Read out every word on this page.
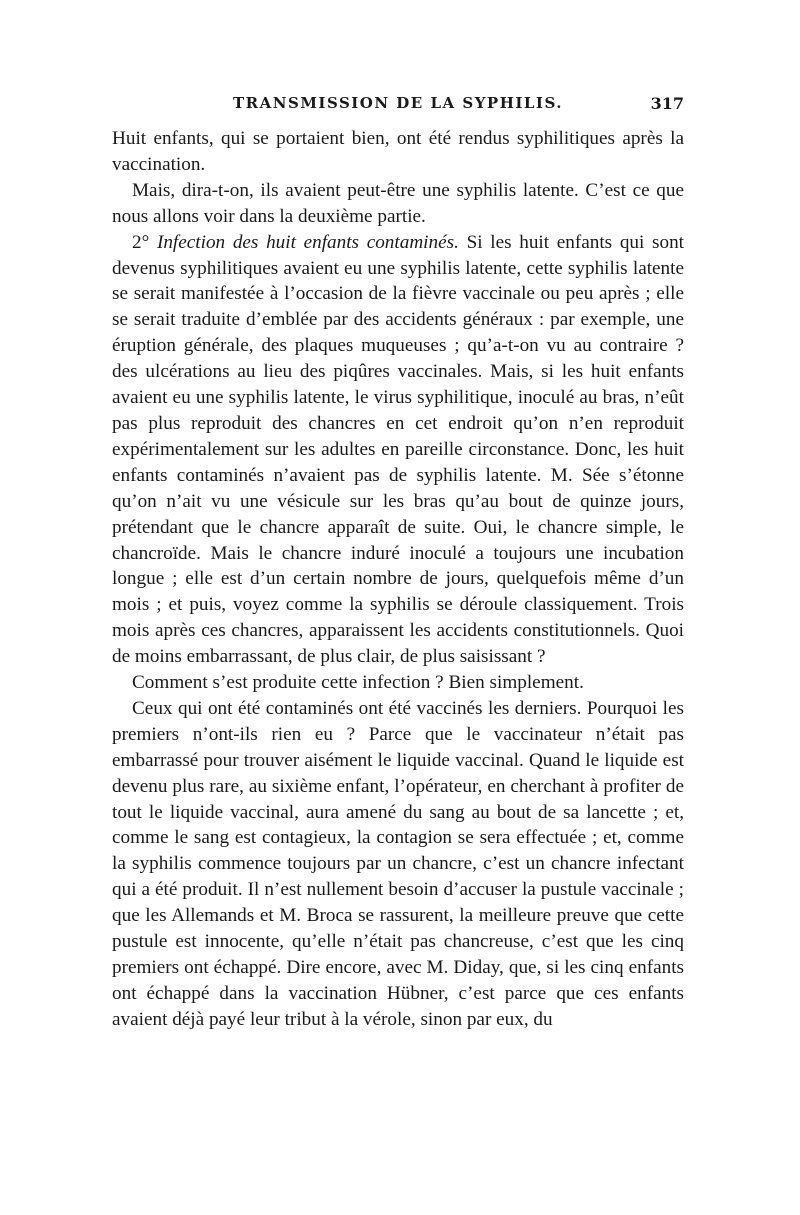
TRANSMISSION DE LA SYPHILIS.	317

Huit enfants, qui se portaient bien, ont été rendus syphilitiques après la vaccination.

Mais, dira-t-on, ils avaient peut-être une syphilis latente. C’est ce que nous allons voir dans la deuxième partie.

2° Infection des huit enfants contaminés. Si les huit enfants qui sont devenus syphilitiques avaient eu une syphilis latente, cette syphilis latente se serait manifestée à l’occasion de la fièvre vaccinale ou peu après ; elle se serait traduite d’emblée par des accidents généraux : par exemple, une éruption générale, des plaques muqueuses ; qu’a-t-on vu au contraire ? des ulcérations au lieu des piqûres vaccinales. Mais, si les huit enfants avaient eu une syphilis latente, le virus syphilitique, inoculé au bras, n’eût pas plus reproduit des chancres en cet endroit qu’on n’en reproduit expérimentalement sur les adultes en pareille circonstance. Donc, les huit enfants contaminés n’avaient pas de syphilis latente. M. Sée s’étonne qu’on n’ait vu une vésicule sur les bras qu’au bout de quinze jours, prétendant que le chancre apparaît de suite. Oui, le chancre simple, le chancroïde. Mais le chancre induré inoculé a toujours une incubation longue ; elle est d’un certain nombre de jours, quelquefois même d’un mois ; et puis, voyez comme la syphilis se déroule classiquement. Trois mois après ces chancres, apparaissent les accidents constitutionnels. Quoi de moins embarrassant, de plus clair, de plus saisissant ?

Comment s’est produite cette infection ? Bien simplement.

Ceux qui ont été contaminés ont été vaccinés les derniers. Pourquoi les premiers n’ont-ils rien eu ? Parce que le vaccinateur n’était pas embarrassé pour trouver aisément le liquide vaccinal. Quand le liquide est devenu plus rare, au sixième enfant, l’opérateur, en cherchant à profiter de tout le liquide vaccinal, aura amené du sang au bout de sa lancette ; et, comme le sang est contagieux, la contagion se sera effectuée ; et, comme la syphilis commence toujours par un chancre, c’est un chancre infectant qui a été produit. Il n’est nullement besoin d’accuser la pustule vaccinale ; que les Allemands et M. Broca se rassurent, la meilleure preuve que cette pustule est innocente, qu’elle n’était pas chancreuse, c’est que les cinq premiers ont échappé. Dire encore, avec M. Diday, que, si les cinq enfants ont échappé dans la vaccination Hübner, c’est parce que ces enfants avaient déjà payé leur tribut à la vérole, sinon par eux, du
